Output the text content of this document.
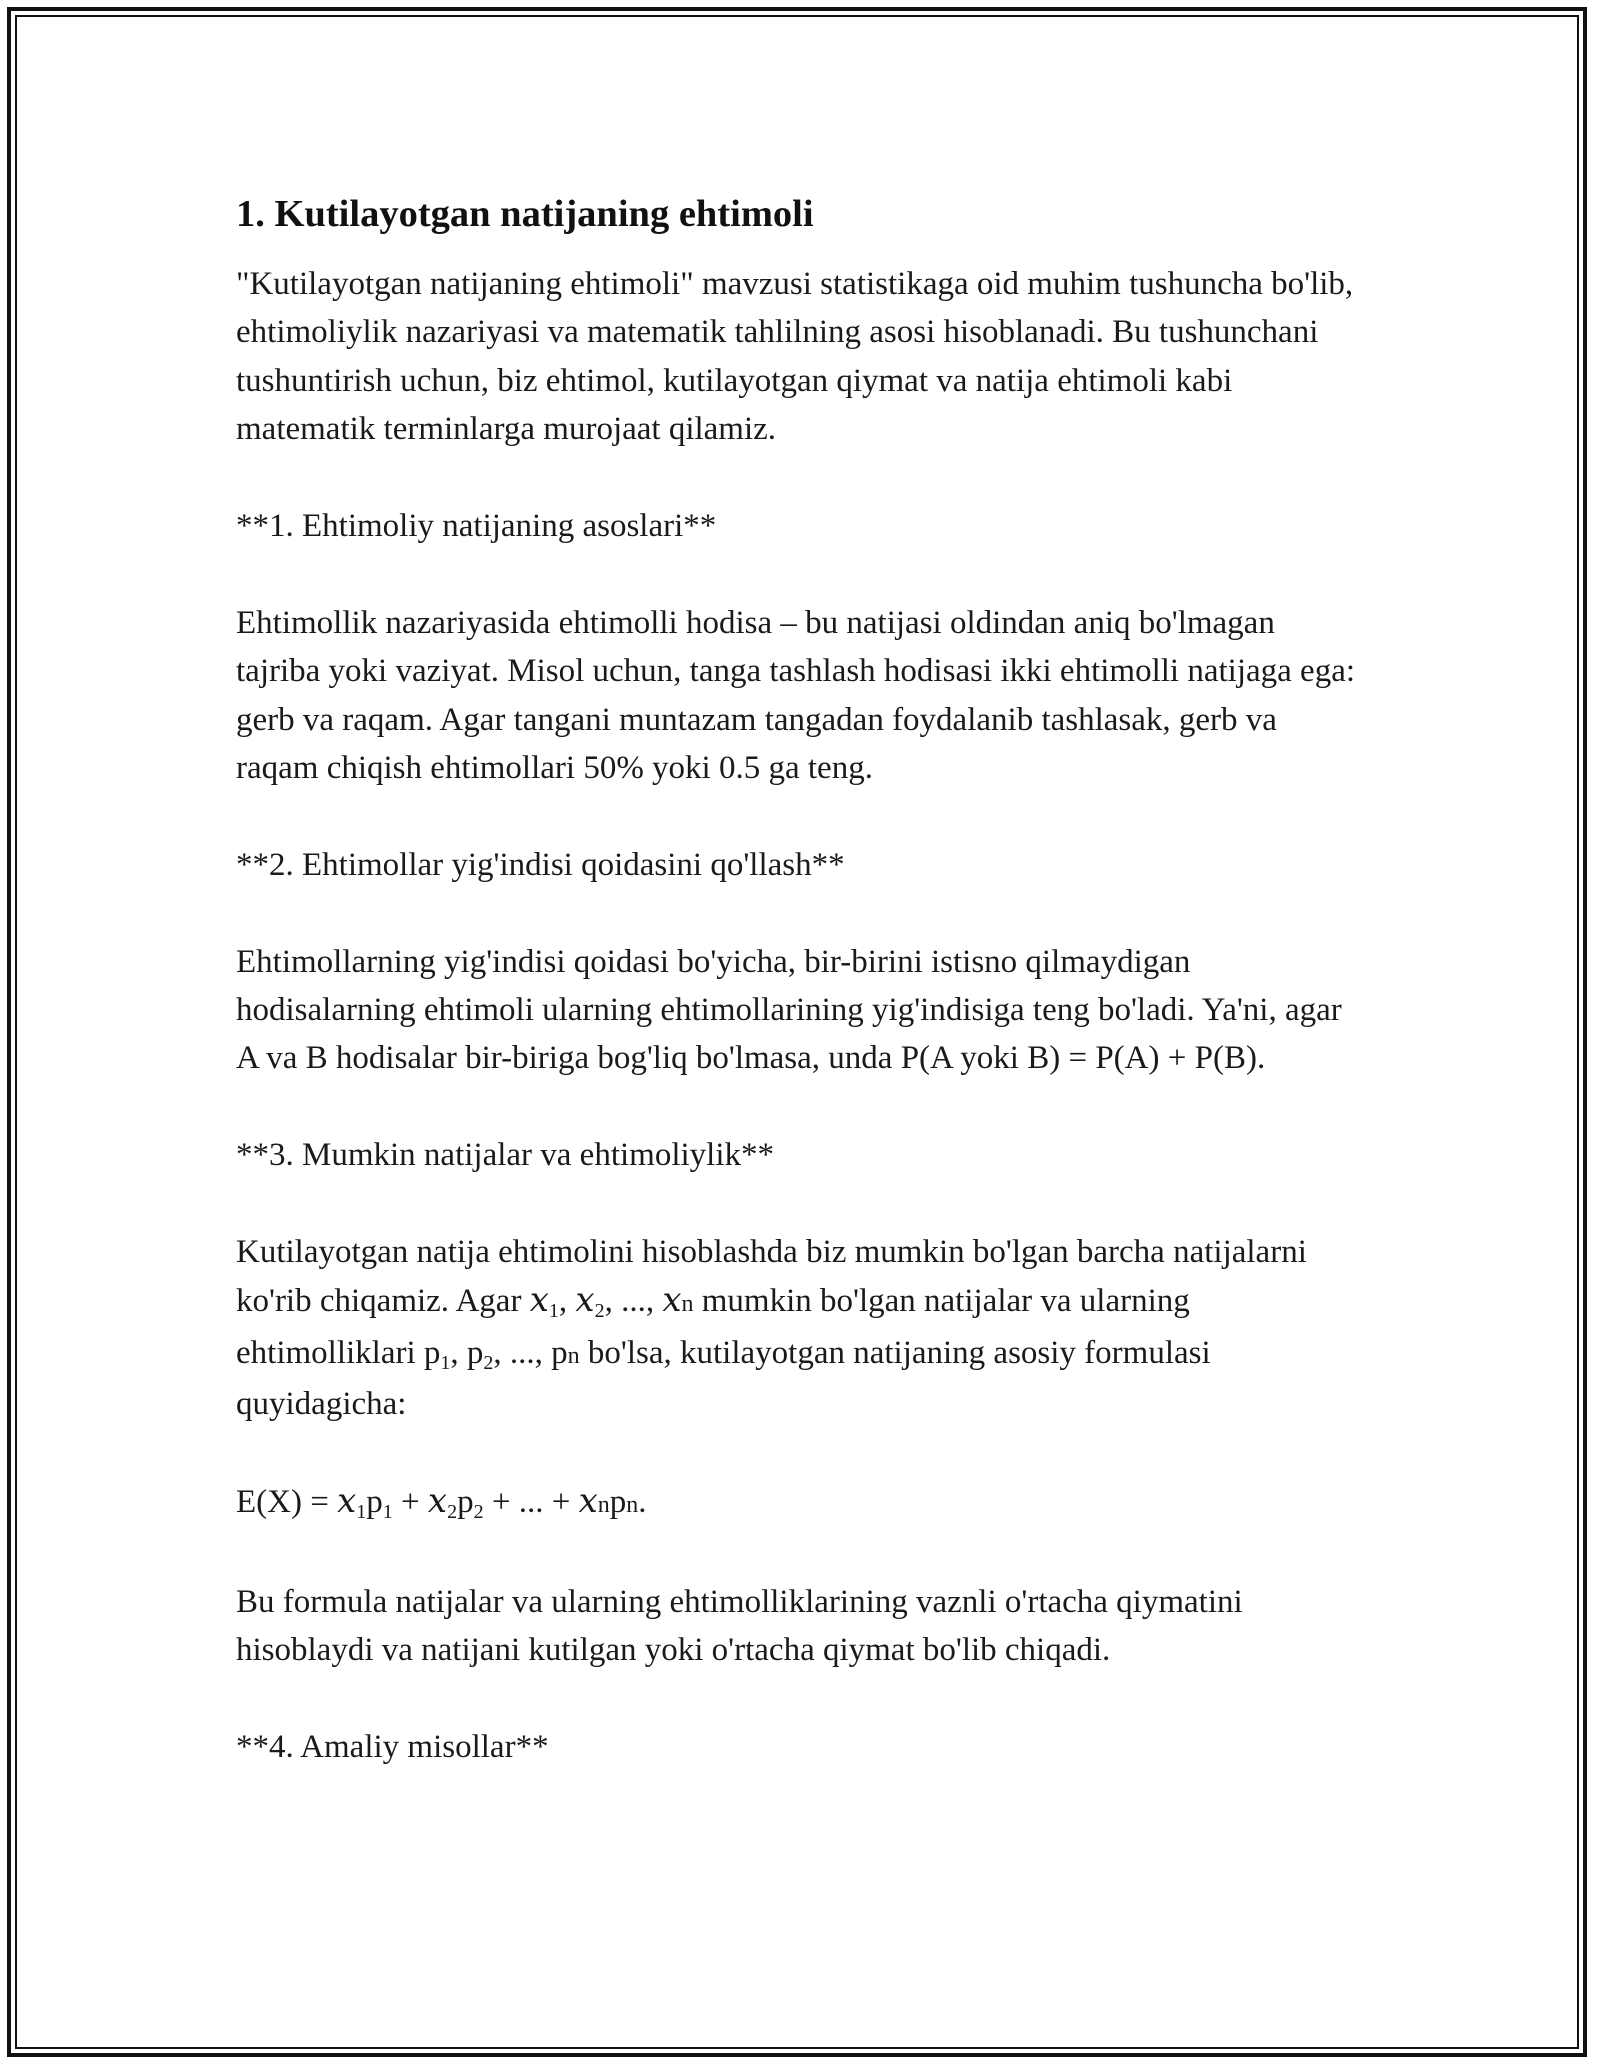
1. Kutilayotgan natijaning ehtimoli

"Kutilayotgan natijaning ehtimoli" mavzusi statistikaga oid muhim tushuncha bo'lib, ehtimoliylik nazariyasi va matematik tahlilning asosi hisoblanadi. Bu tushunchani tushuntirish uchun, biz ehtimol, kutilayotgan qiymat va natija ehtimoli kabi matematik terminlarga murojaat qilamiz.

**1. Ehtimoliy natijaning asoslari**

Ehtimollik nazariyasida ehtimolli hodisa – bu natijasi oldindan aniq bo'lmagan tajriba yoki vaziyat. Misol uchun, tanga tashlash hodisasi ikki ehtimolli natijaga ega: gerb va raqam. Agar tangani muntazam tangadan foydalanib tashlasak, gerb va raqam chiqish ehtimollari 50% yoki 0.5 ga teng.

**2. Ehtimollar yig'indisi qoidasini qo'llash**

Ehtimollarning yig'indisi qoidasi bo'yicha, bir-birini istisno qilmaydigan hodisalarning ehtimoli ularning ehtimollarining yig'indisiga teng bo'ladi. Ya'ni, agar A va B hodisalar bir-biriga bog'liq bo'lmasa, unda P(A yoki B) = P(A) + P(B).

**3. Mumkin natijalar va ehtimoliylik**

Kutilayotgan natija ehtimolini hisoblashda biz mumkin bo'lgan barcha natijalarni ko'rib chiqamiz. Agar $x_1$, $x_2$, ..., xn mumkin bo'lgan natijalar va ularning ehtimolliklari $p_1$, $p_2$, ..., pn bo'lsa, kutilayotgan natijaning asosiy formulasi quyidagicha:

$E(X) = x_1p_1 + x_2p_2$ + ... + xnpn.

Bu formula natijalar va ularning ehtimolliklarining vaznli o'rtacha qiymatini hisoblaydi va natijani kutilgan yoki o'rtacha qiymat bo'lib chiqadi.

**4. Amaliy misollar**
